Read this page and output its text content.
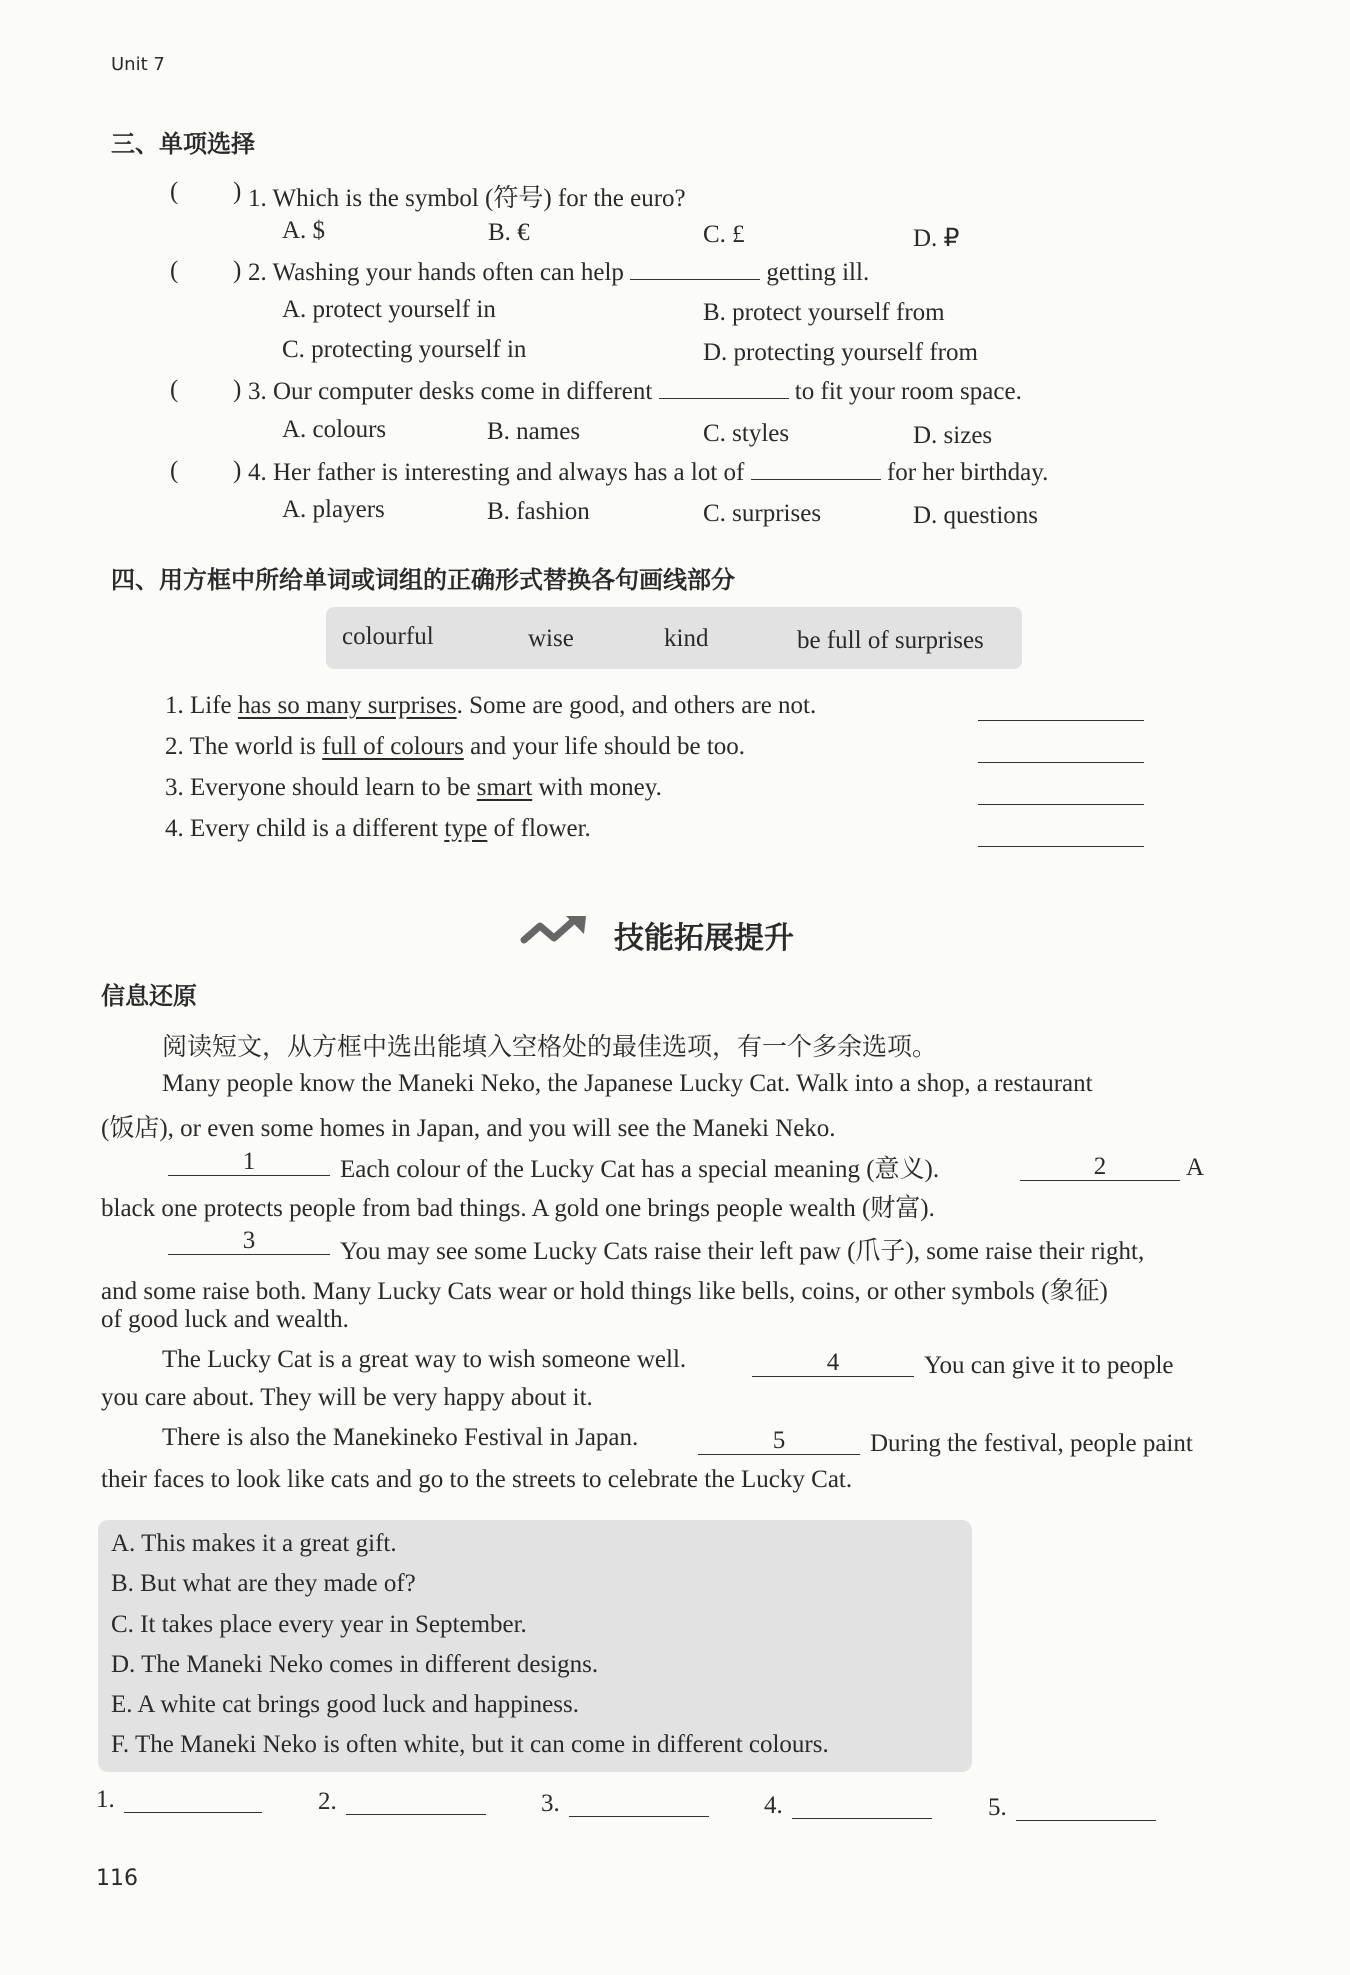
Unit 7
三、单项选择
( ) 1. Which is the symbol (符号) for the euro?
A. $	B. €	C. £	D. ₽
( ) 2. Washing your hands often can help	getting ill.
A. protect yourself in	B. protect yourself from
C. protecting yourself in	D. protecting yourself from
( ) 3. Our computer desks come in different	to fit your room space.
A. colours	B. names	C. styles	D. sizes
( ) 4. Her father is interesting and always has a lot of	for her birthday.
A. players	B. fashion	C. surprises	D. questions
四、用方框中所给单词或词组的正确形式替换各句画线部分
colourful	wise	kind	be full of surprises
1. Life has so many surprises. Some are good, and others are not.
2. The world is full of colours and your life should be too.
3. Everyone should learn to be smart with money.
4. Every child is a different type of flower.
技能拓展提升
信息还原
阅读短文，从方框中选出能填入空格处的最佳选项，有一个多余选项。
Many people know the Maneki Neko, the Japanese Lucky Cat. Walk into a shop, a restaurant
(饭店), or even some homes in Japan, and you will see the Maneki Neko.
1	Each colour of the Lucky Cat has a special meaning (意义).	2	A
black one protects people from bad things. A gold one brings people wealth (财富).
3	You may see some Lucky Cats raise their left paw (爪子), some raise their right,
and some raise both. Many Lucky Cats wear or hold things like bells, coins, or other symbols (象征)
of good luck and wealth.
The Lucky Cat is a great way to wish someone well.	4	You can give it to people
you care about. They will be very happy about it.
There is also the Manekineko Festival in Japan.	5	During the festival, people paint
their faces to look like cats and go to the streets to celebrate the Lucky Cat.
A. This makes it a great gift.
B. But what are they made of?
C. It takes place every year in September.
D. The Maneki Neko comes in different designs.
E. A white cat brings good luck and happiness.
F. The Maneki Neko is often white, but it can come in different colours.
1.	2.	3.	4.	5.
116
